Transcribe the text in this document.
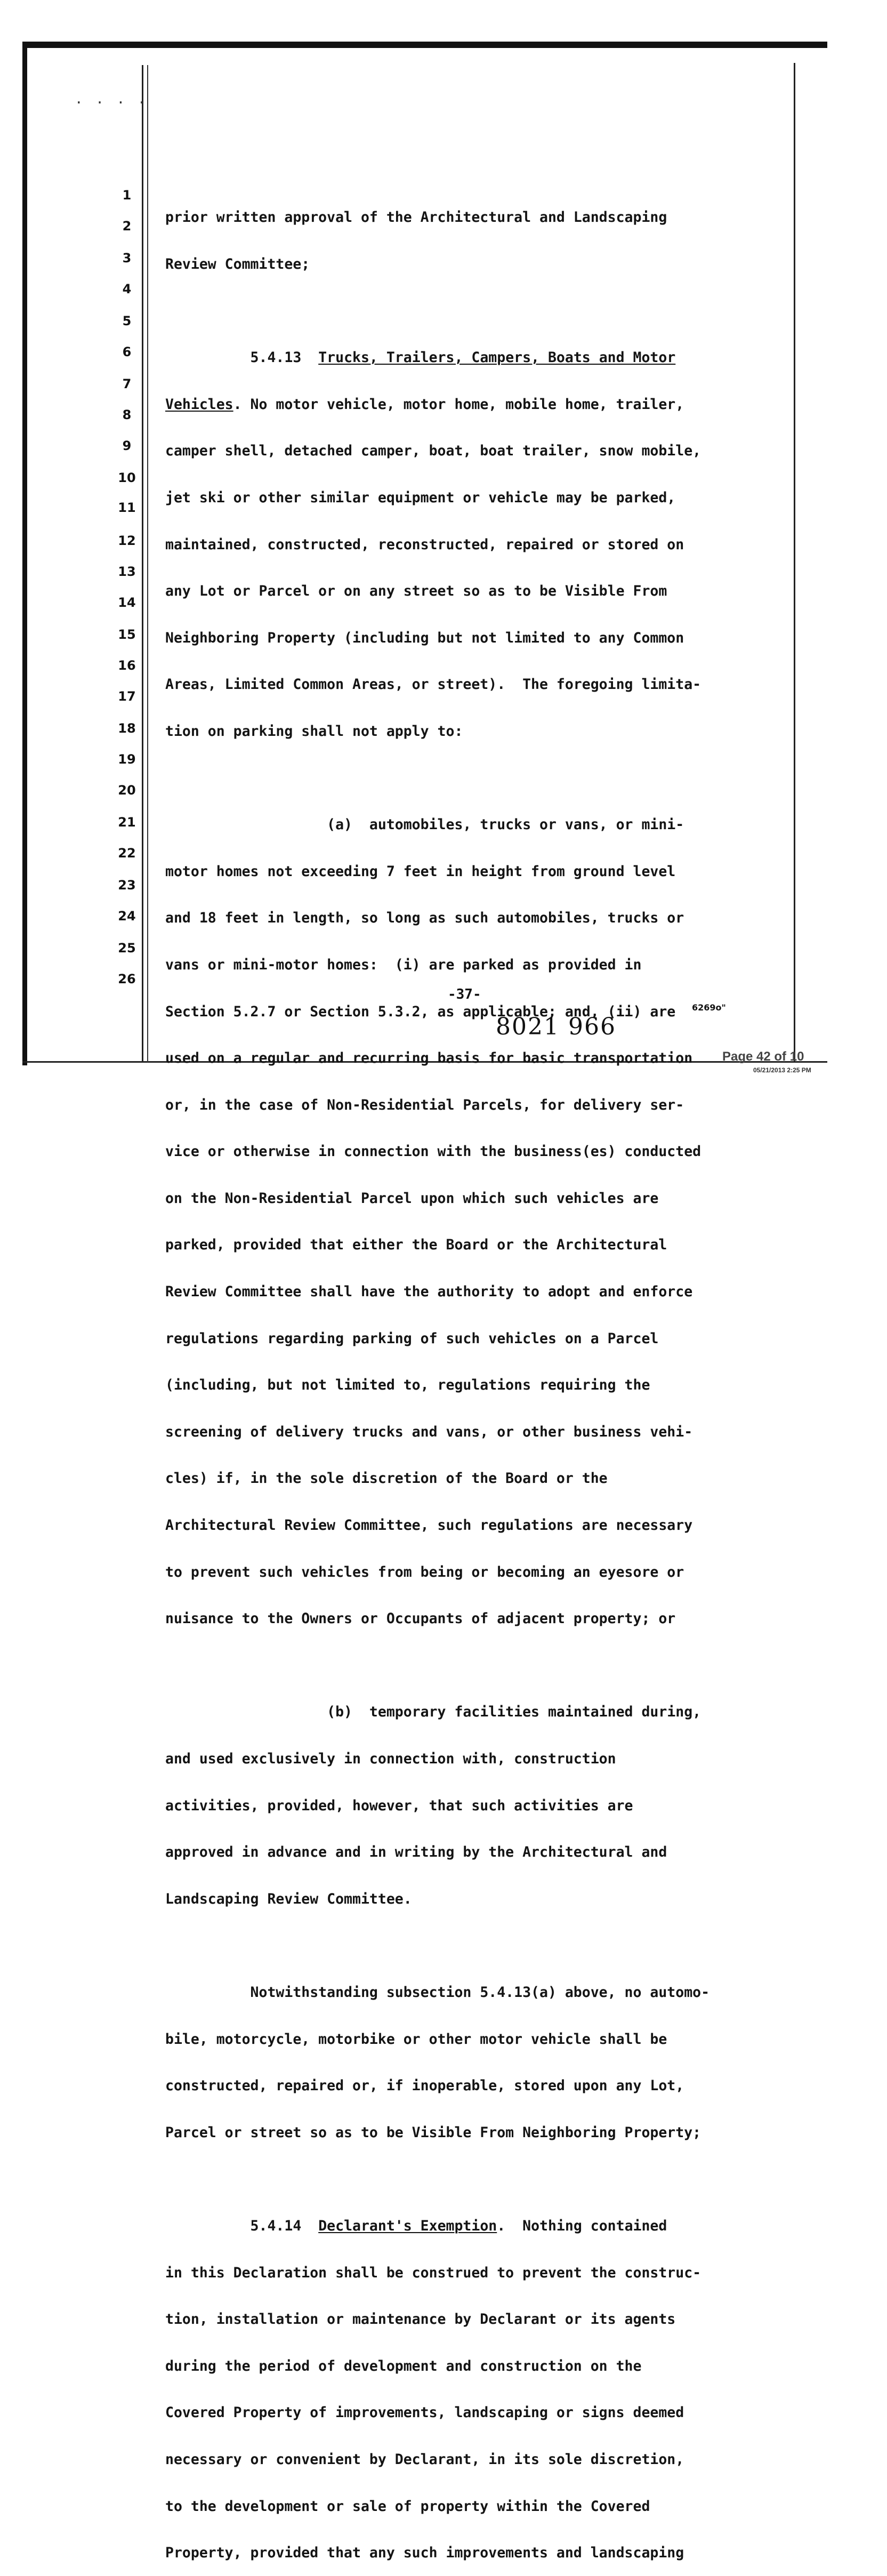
· · · ·
1
2
3
4
5
6
7
8
9
10
11
12
13
14
15
16
17
18
19
20
21
22
23
24
25
26

prior written approval of the Architectural and Landscaping

Review Committee;

5.4.13 Trucks, Trailers, Campers, Boats and Motor

Vehicles. No motor vehicle, motor home, mobile home, trailer,

camper shell, detached camper, boat, boat trailer, snow mobile,

jet ski or other similar equipment or vehicle may be parked,

maintained, constructed, reconstructed, repaired or stored on

any Lot or Parcel or on any street so as to be Visible From

Neighboring Property (including but not limited to any Common

Areas, Limited Common Areas, or street).  The foregoing limita-

tion on parking shall not apply to:

(a)  automobiles, trucks or vans, or mini-

motor homes not exceeding 7 feet in height from ground level

and 18 feet in length, so long as such automobiles, trucks or

vans or mini-motor homes:  (i) are parked as provided in

Section 5.2.7 or Section 5.3.2, as applicable; and, (ii) are

used on a regular and recurring basis for basic transportation

or, in the case of Non-Residential Parcels, for delivery ser-

vice or otherwise in connection with the business(es) conducted

on the Non-Residential Parcel upon which such vehicles are

parked, provided that either the Board or the Architectural

Review Committee shall have the authority to adopt and enforce

regulations regarding parking of such vehicles on a Parcel

(including, but not limited to, regulations requiring the

screening of delivery trucks and vans, or other business vehi-

cles) if, in the sole discretion of the Board or the

Architectural Review Committee, such regulations are necessary

to prevent such vehicles from being or becoming an eyesore or

nuisance to the Owners or Occupants of adjacent property; or

(b)  temporary facilities maintained during,

and used exclusively in connection with, construction

activities, provided, however, that such activities are

approved in advance and in writing by the Architectural and

Landscaping Review Committee.

Notwithstanding subsection 5.4.13(a) above, no automo-

bile, motorcycle, motorbike or other motor vehicle shall be

constructed, repaired or, if inoperable, stored upon any Lot,

Parcel or street so as to be Visible From Neighboring Property;

5.4.14 Declarant's Exemption.  Nothing contained

in this Declaration shall be construed to prevent the construc-

tion, installation or maintenance by Declarant or its agents

during the period of development and construction on the

Covered Property of improvements, landscaping or signs deemed

necessary or convenient by Declarant, in its sole discretion,

to the development or sale of property within the Covered

Property, provided that any such improvements and landscaping

-37-
6269o"
8021 966
Page 42 of 10
05/21/2013 2:25 PM
